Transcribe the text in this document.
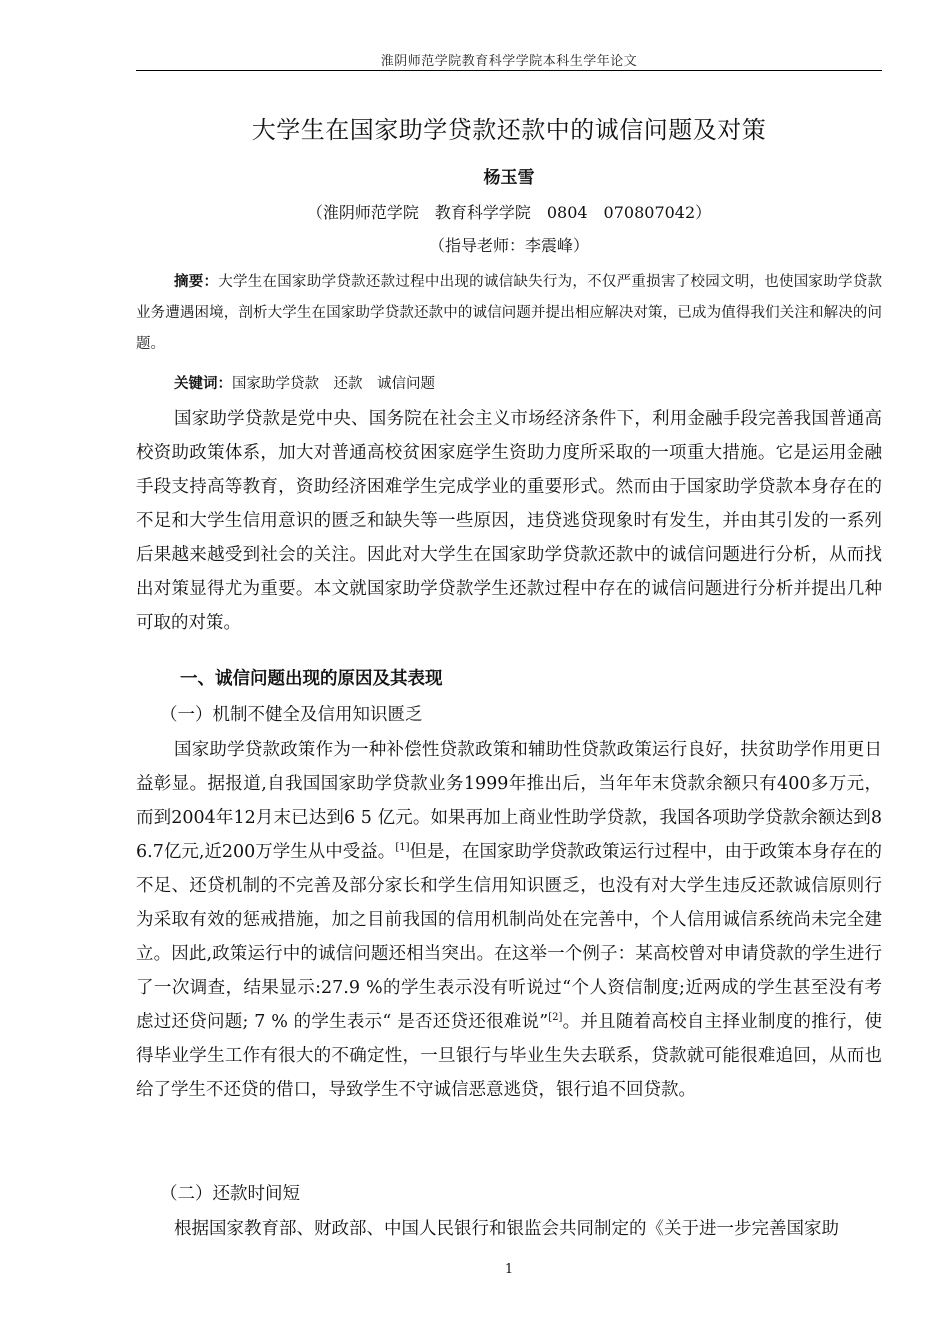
淮阴师范学院教育科学学院本科生学年论文
大学生在国家助学贷款还款中的诚信问题及对策
杨玉雪
（淮阴师范学院　教育科学学院　0804　070807042）
（指导老师：李震峰）
摘要：大学生在国家助学贷款还款过程中出现的诚信缺失行为，不仅严重损害了校园文明，也使国家助学贷款业务遭遇困境，剖析大学生在国家助学贷款还款中的诚信问题并提出相应解决对策，已成为值得我们关注和解决的问题。
关键词：国家助学贷款　还款　诚信问题
国家助学贷款是党中央、国务院在社会主义市场经济条件下，利用金融手段完善我国普通高校资助政策体系，加大对普通高校贫困家庭学生资助力度所采取的一项重大措施。它是运用金融手段支持高等教育，资助经济困难学生完成学业的重要形式。然而由于国家助学贷款本身存在的不足和大学生信用意识的匮乏和缺失等一些原因，违贷逃贷现象时有发生，并由其引发的一系列后果越来越受到社会的关注。因此对大学生在国家助学贷款还款中的诚信问题进行分析，从而找出对策显得尤为重要。本文就国家助学贷款学生还款过程中存在的诚信问题进行分析并提出几种可取的对策。
一、诚信问题出现的原因及其表现
（一）机制不健全及信用知识匮乏
国家助学贷款政策作为一种补偿性贷款政策和辅助性贷款政策运行良好，扶贫助学作用更日益彰显。据报道,自我国国家助学贷款业务1999年推出后，当年年末贷款余额只有400多万元，而到2004年12月末已达到6 5 亿元。如果再加上商业性助学贷款，我国各项助学贷款余额达到8 6.7亿元,近200万学生从中受益。[1]但是，在国家助学贷款政策运行过程中，由于政策本身存在的不足、还贷机制的不完善及部分家长和学生信用知识匮乏，也没有对大学生违反还款诚信原则行为采取有效的惩戒措施，加之目前我国的信用机制尚处在完善中，个人信用诚信系统尚未完全建立。因此,政策运行中的诚信问题还相当突出。在这举一个例子：某高校曾对申请贷款的学生进行了一次调查，结果显示:27.9 %的学生表示没有听说过“个人资信制度;近两成的学生甚至没有考虑过还贷问题; 7 % 的学生表示“ 是否还贷还很难说”[2]。并且随着高校自主择业制度的推行，使得毕业学生工作有很大的不确定性，一旦银行与毕业生失去联系，贷款就可能很难追回，从而也给了学生不还贷的借口，导致学生不守诚信恶意逃贷，银行追不回贷款。
（二）还款时间短
根据国家教育部、财政部、中国人民银行和银监会共同制定的《关于进一步完善国家助
1
